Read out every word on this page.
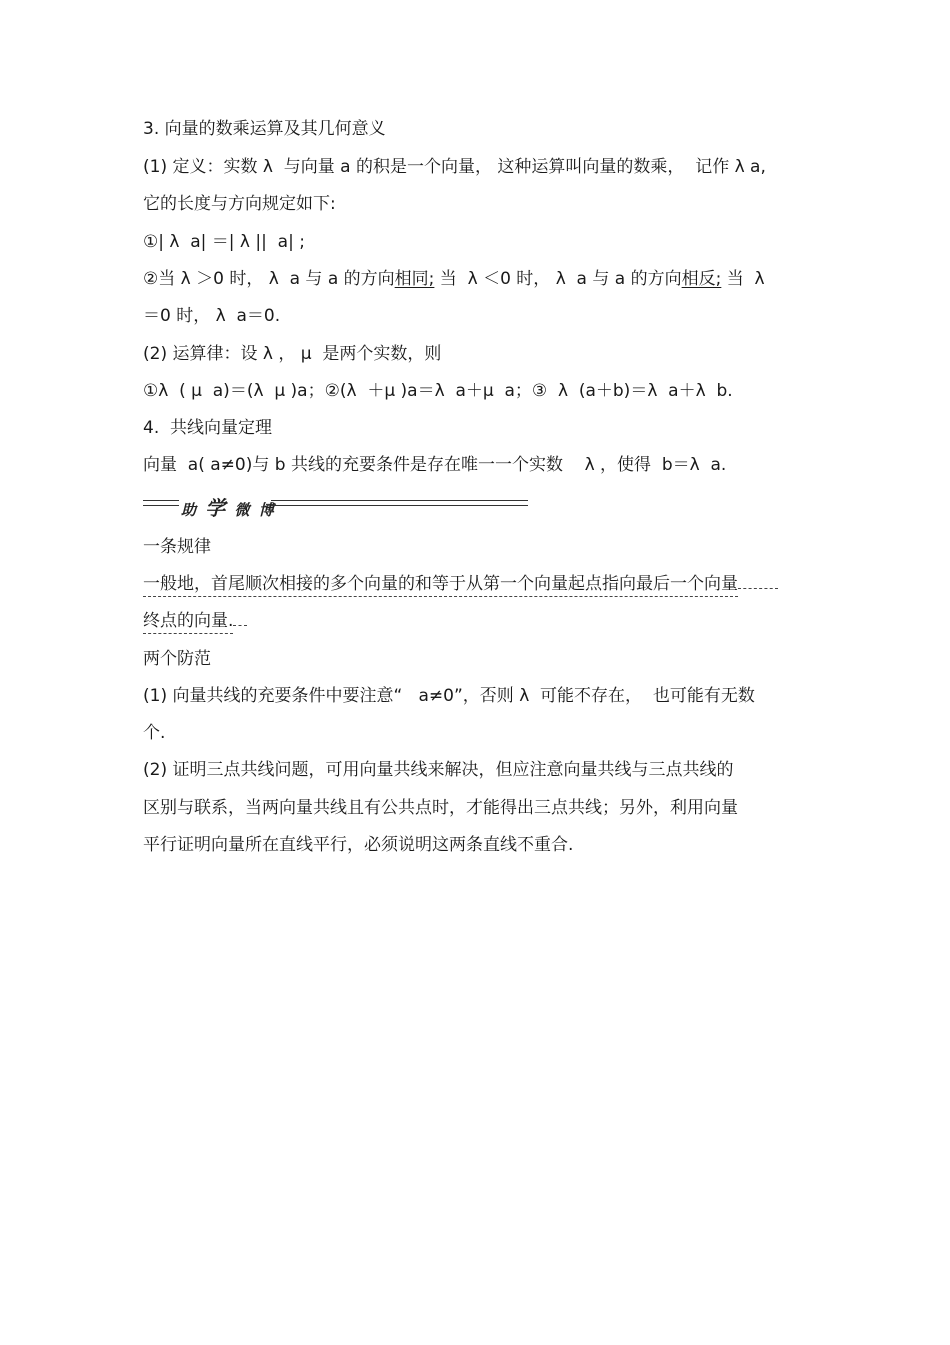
3. 向量的数乘运算及其几何意义
(1) 定义：实数 λ  与向量 a 的积是一个向量， 这种运算叫向量的数乘，  记作 λ a,
它的长度与方向规定如下:
①| λ  a| ＝| λ ||  a| ;
②当 λ ＞0 时， λ  a 与 a 的方向相同; 当  λ ＜0 时， λ  a 与 a 的方向相反; 当  λ
＝0 时， λ  a＝0.
(2) 运算律：设 λ ， μ  是两个实数，则
①λ  ( μ  a)＝(λ  μ )a；②(λ  ＋μ )a＝λ  a＋μ  a；③  λ  (a＋b)＝λ  a＋λ  b.
4.  共线向量定理
向量  a( a≠0)与 b 共线的充要条件是存在唯一一个实数    λ ，使得  b＝λ  a.
助 学 微 博
一条规律
一般地，首尾顺次相接的多个向量的和等于从第一个向量起点指向最后一个向量
终点的向量.
两个防范
(1) 向量共线的充要条件中要注意“   a≠0”，否则 λ  可能不存在，  也可能有无数
个.
(2) 证明三点共线问题，可用向量共线来解决，但应注意向量共线与三点共线的
区别与联系，当两向量共线且有公共点时，才能得出三点共线；另外，利用向量
平行证明向量所在直线平行，必须说明这两条直线不重合.
